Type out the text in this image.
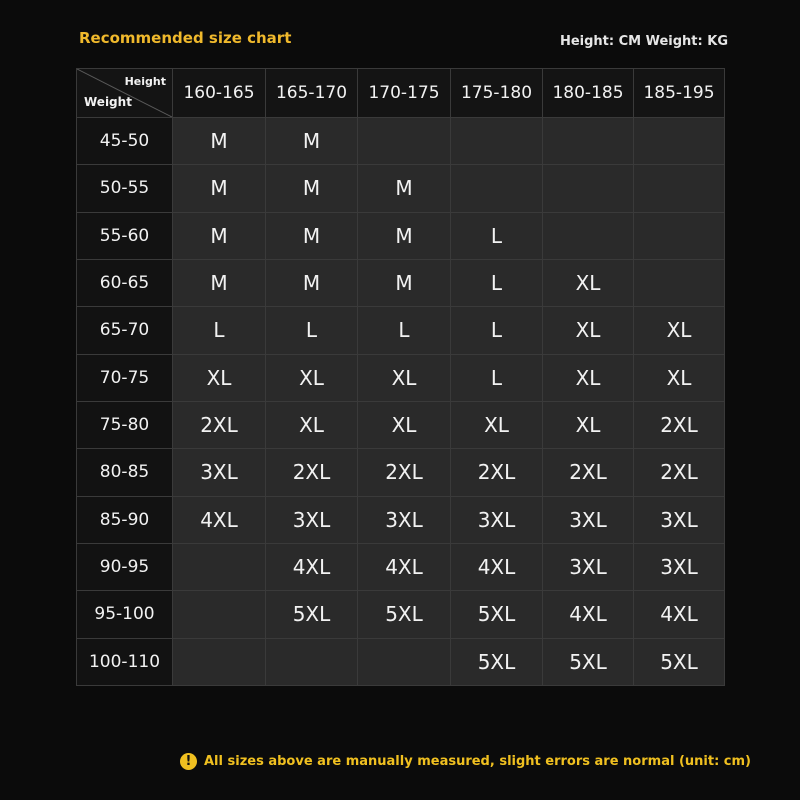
Recommended size chart	Height: CM Weight: KG
Height
Weight	160-165	165-170	170-175	175-180	180-185	185-195
45-50	M	M				
50-55	M	M	M			
55-60	M	M	M	L		
60-65	M	M	M	L	XL	
65-70	L	L	L	L	XL	XL
70-75	XL	XL	XL	L	XL	XL
75-80	2XL	XL	XL	XL	XL	2XL
80-85	3XL	2XL	2XL	2XL	2XL	2XL
85-90	4XL	3XL	3XL	3XL	3XL	3XL
90-95		4XL	4XL	4XL	3XL	3XL
95-100		5XL	5XL	5XL	4XL	4XL
100-110				5XL	5XL	5XL
! All sizes above are manually measured, slight errors are normal (unit: cm)
